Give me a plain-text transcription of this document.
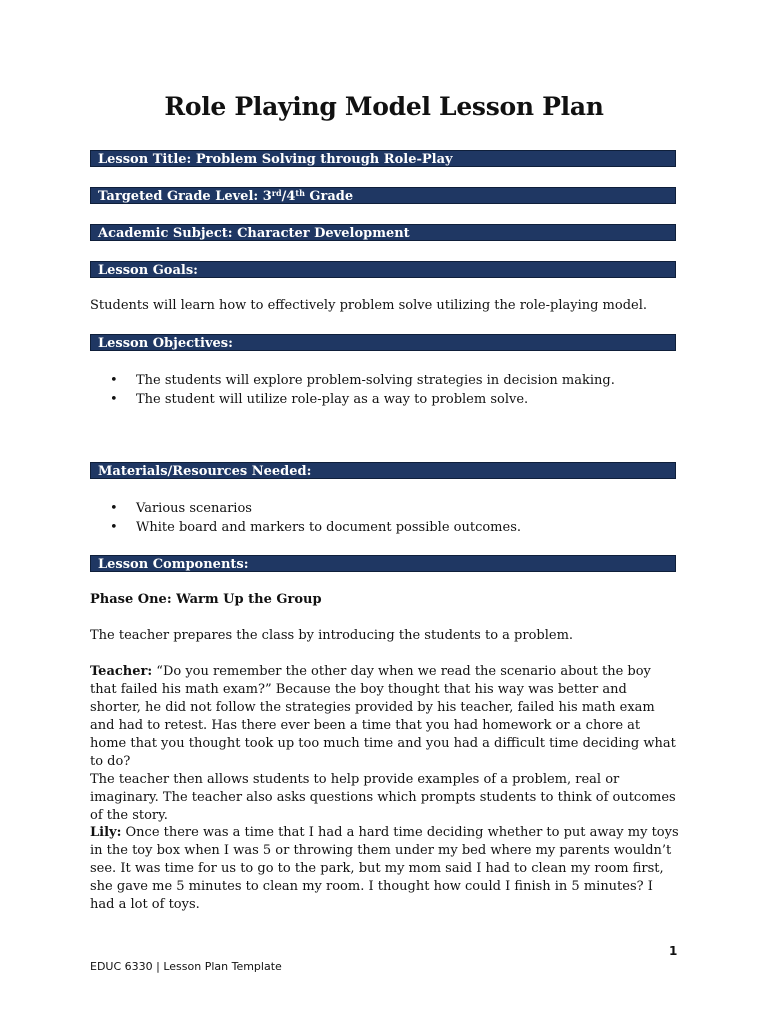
Role Playing Model Lesson Plan
Lesson Title: Problem Solving through Role-Play
Targeted Grade Level: 3rd/4th Grade
Academic Subject: Character Development
Lesson Goals:
Students will learn how to effectively problem solve utilizing the role-playing model.
Lesson Objectives:
• The students will explore problem-solving strategies in decision making.
• The student will utilize role-play as a way to problem solve.
Materials/Resources Needed:
• Various scenarios
• White board and markers to document possible outcomes.
Lesson Components:
Phase One: Warm Up the Group
The teacher prepares the class by introducing the students to a problem.
Teacher: “Do you remember the other day when we read the scenario about the boy that failed his math exam?” Because the boy thought that his way was better and shorter, he did not follow the strategies provided by his teacher, failed his math exam and had to retest. Has there ever been a time that you had homework or a chore at home that you thought took up too much time and you had a difficult time deciding what to do?
The teacher then allows students to help provide examples of a problem, real or imaginary. The teacher also asks questions which prompts students to think of outcomes of the story.
Lily: Once there was a time that I had a hard time deciding whether to put away my toys in the toy box when I was 5 or throwing them under my bed where my parents wouldn’t see. It was time for us to go to the park, but my mom said I had to clean my room first, she gave me 5 minutes to clean my room. I thought how could I finish in 5 minutes? I had a lot of toys.
1
EDUC 6330 | Lesson Plan Template
